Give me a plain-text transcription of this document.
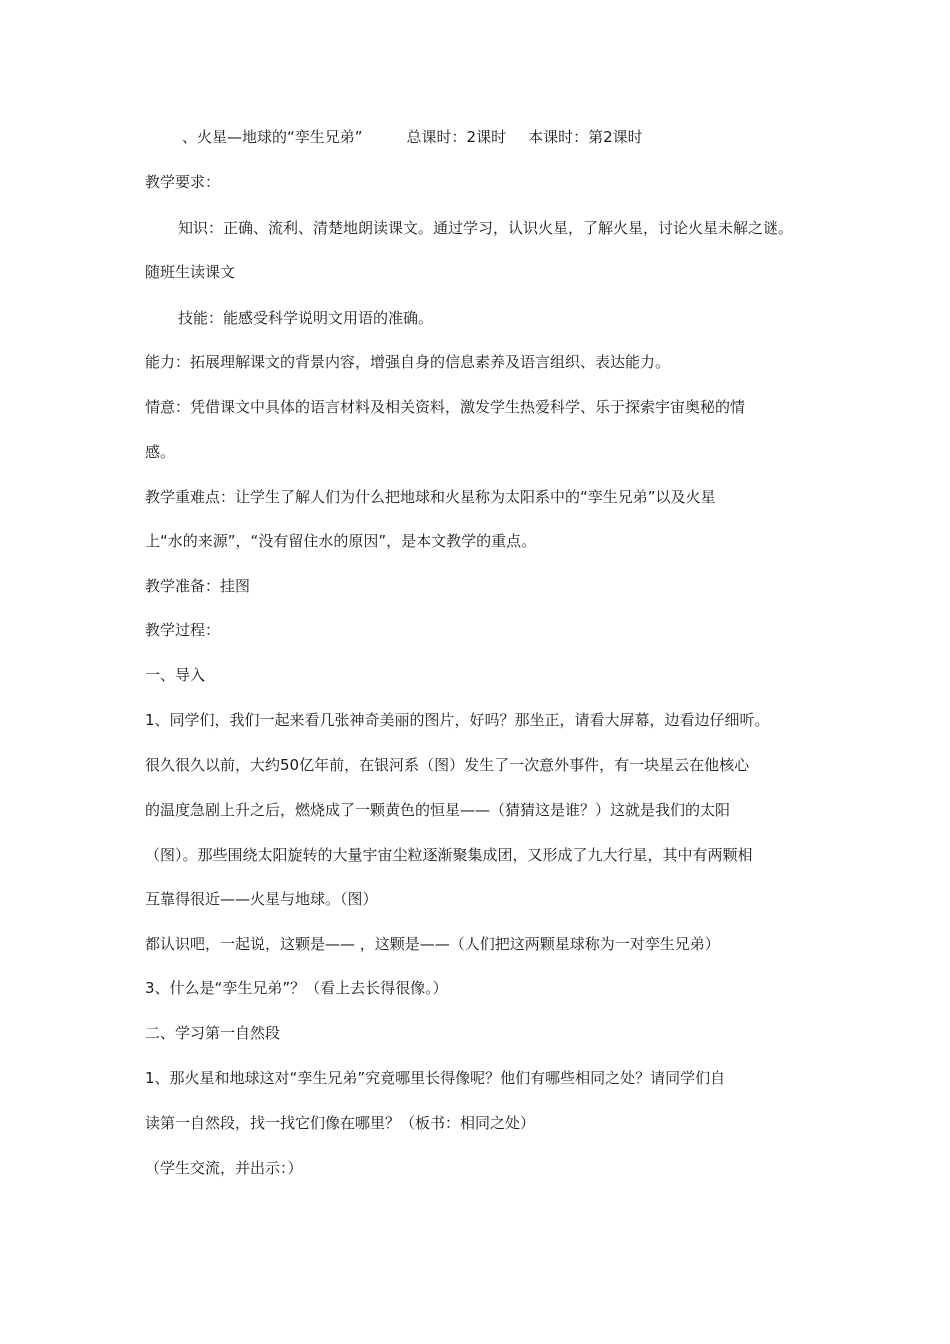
、火星—地球的“孪生兄弟”	总课时：2课时 本课时：第2课时
教学要求：
知识：正确、流利、清楚地朗读课文。通过学习，认识火星，了解火星，讨论火星未解之谜。
随班生读课文
技能：能感受科学说明文用语的准确。
能力：拓展理解课文的背景内容，增强自身的信息素养及语言组织、表达能力。
情意：凭借课文中具体的语言材料及相关资料，激发学生热爱科学、乐于探索宇宙奥秘的情
感。
教学重难点：让学生了解人们为什么把地球和火星称为太阳系中的“孪生兄弟”以及火星
上“水的来源”，“没有留住水的原因”，是本文教学的重点。
教学准备：挂图
教学过程：
一、导入
1、同学们，我们一起来看几张神奇美丽的图片，好吗？那坐正，请看大屏幕，边看边仔细听。
很久很久以前，大约50亿年前，在银河系（图）发生了一次意外事件，有一块星云在他核心
的温度急剧上升之后，燃烧成了一颗黄色的恒星——（猜猜这是谁？）这就是我们的太阳
（图）。那些围绕太阳旋转的大量宇宙尘粒逐渐聚集成团，又形成了九大行星，其中有两颗相
互靠得很近——火星与地球。（图）
都认识吧，一起说，这颗是—— ，这颗是——（人们把这两颗星球称为一对孪生兄弟）
3、什么是“孪生兄弟”？（看上去长得很像。）
二、学习第一自然段
1、那火星和地球这对“孪生兄弟”究竟哪里长得像呢？他们有哪些相同之处？请同学们自
读第一自然段，找一找它们像在哪里？（板书：相同之处）
（学生交流，并出示：）
